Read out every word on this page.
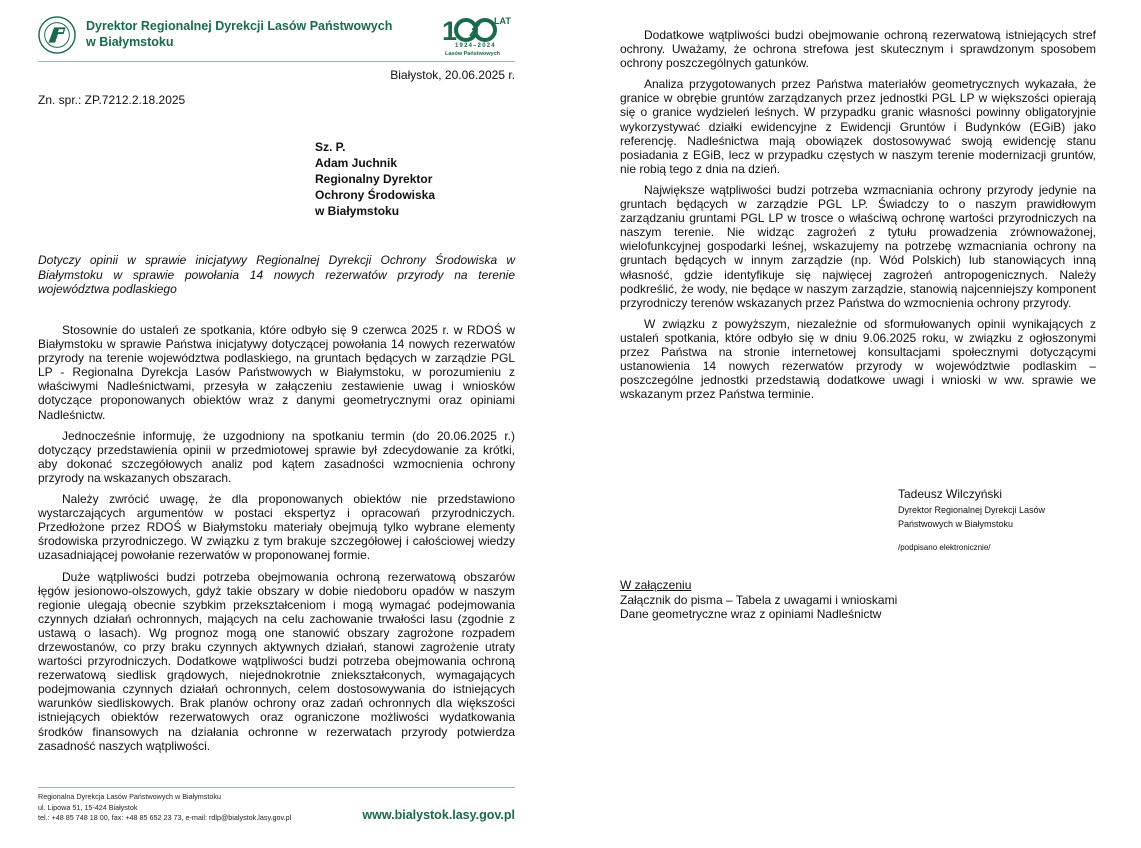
Dyrektor Regionalnej Dyrekcji Lasów Państwowych
w Białymstoku	1	LAT
1924–2024
Lasów Państwowych
Białystok, 20.06.2025 r.
Zn. spr.: ZP.7212.2.18.2025
Sz. P.
Adam Juchnik
Regionalny Dyrektor
Ochrony Środowiska
w Białymstoku
Dotyczy opinii w sprawie inicjatywy Regionalnej Dyrekcji Ochrony Środowiska w Białymstoku w sprawie powołania 14 nowych rezerwatów przyrody na terenie województwa podlaskiego

Stosownie do ustaleń ze spotkania, które odbyło się 9 czerwca 2025 r. w RDOŚ w Białymstoku w sprawie Państwa inicjatywy dotyczącej powołania 14 nowych rezerwatów przyrody na terenie województwa podlaskiego, na gruntach będących w zarządzie PGL LP - Regionalna Dyrekcja Lasów Państwowych w Białymstoku, w porozumieniu z właściwymi Nadleśnictwami, przesyła w załączeniu zestawienie uwag i wniosków dotyczące proponowanych obiektów wraz z danymi geometrycznymi oraz opiniami Nadleśnictw.

Jednocześnie informuję, że uzgodniony na spotkaniu termin (do 20.06.2025 r.) dotyczący przedstawienia opinii w przedmiotowej sprawie był zdecydowanie za krótki, aby dokonać szczegółowych analiz pod kątem zasadności wzmocnienia ochrony przyrody na wskazanych obszarach.

Należy zwrócić uwagę, że dla proponowanych obiektów nie przedstawiono wystarczających argumentów w postaci ekspertyz i opracowań przyrodniczych. Przedłożone przez RDOŚ w Białymstoku materiały obejmują tylko wybrane elementy środowiska przyrodniczego. W związku z tym brakuje szczegółowej i całościowej wiedzy uzasadniającej powołanie rezerwatów w proponowanej formie.

Duże wątpliwości budzi potrzeba obejmowania ochroną rezerwatową obszarów łęgów jesionowo-olszowych, gdyż takie obszary w dobie niedoboru opadów w naszym regionie ulegają obecnie szybkim przekształceniom i mogą wymagać podejmowania czynnych działań ochronnych, mających na celu zachowanie trwałości lasu (zgodnie z ustawą o lasach). Wg prognoz mogą one stanowić obszary zagrożone rozpadem drzewostanów, co przy braku czynnych aktywnych działań, stanowi zagrożenie utraty wartości przyrodniczych. Dodatkowe wątpliwości budzi potrzeba obejmowania ochroną rezerwatową siedlisk grądowych, niejednokrotnie zniekształconych, wymagających podejmowania czynnych działań ochronnych, celem dostosowywania do istniejących warunków siedliskowych. Brak planów ochrony oraz zadań ochronnych dla większości istniejących obiektów rezerwatowych oraz ograniczone możliwości wydatkowania środków finansowych na działania ochronne w rezerwatach przyrody potwierdza zasadność naszych wątpliwości.

Regionalna Dyrekcja Lasów Państwowych w Białymstoku
ul. Lipowa 51, 15-424 Białystok
tel.: +48 85 748 18 00, fax: +48 85 652 23 73, e-mail: rdlp@bialystok.lasy.gov.pl	www.bialystok.lasy.gov.pl

Dodatkowe wątpliwości budzi obejmowanie ochroną rezerwatową istniejących stref ochrony. Uważamy, że ochrona strefowa jest skutecznym i sprawdzonym sposobem ochrony poszczególnych gatunków.

Analiza przygotowanych przez Państwa materiałów geometrycznych wykazała, że granice w obrębie gruntów zarządzanych przez jednostki PGL LP w większości opierają się o granice wydzieleń leśnych. W przypadku granic własności powinny obligatoryjnie wykorzystywać działki ewidencyjne z Ewidencji Gruntów i Budynków (EGiB) jako referencję. Nadleśnictwa mają obowiązek dostosowywać swoją ewidencję stanu posiadania z EGiB, lecz w przypadku częstych w naszym terenie modernizacji gruntów, nie robią tego z dnia na dzień.

Największe wątpliwości budzi potrzeba wzmacniania ochrony przyrody jedynie na gruntach będących w zarządzie PGL LP. Świadczy to o naszym prawidłowym zarządzaniu gruntami PGL LP w trosce o właściwą ochronę wartości przyrodniczych na naszym terenie. Nie widząc zagrożeń z tytułu prowadzenia zrównoważonej, wielofunkcyjnej gospodarki leśnej, wskazujemy na potrzebę wzmacniania ochrony na gruntach będących w innym zarządzie (np. Wód Polskich) lub stanowiących inną własność, gdzie identyfikuje się najwięcej zagrożeń antropogenicznych. Należy podkreślić, że wody, nie będące w naszym zarządzie, stanowią najcenniejszy komponent przyrodniczy terenów wskazanych przez Państwa do wzmocnienia ochrony przyrody.

W związku z powyższym, niezależnie od sformułowanych opinii wynikających z ustaleń spotkania, które odbyło się w dniu 9.06.2025 roku, w związku z ogłoszonymi przez Państwa na stronie internetowej konsultacjami społecznymi dotyczącymi ustanowienia 14 nowych rezerwatów przyrody w województwie podlaskim – poszczególne jednostki przedstawią dodatkowe uwagi i wnioski w ww. sprawie we wskazanym przez Państwa terminie.

Tadeusz Wilczyński
Dyrektor Regionalnej Dyrekcji Lasów
Państwowych w Białymstoku
/podpisano elektronicznie/
W załączeniu
Załącznik do pisma – Tabela z uwagami i wnioskami
Dane geometryczne wraz z opiniami Nadleśnictw
